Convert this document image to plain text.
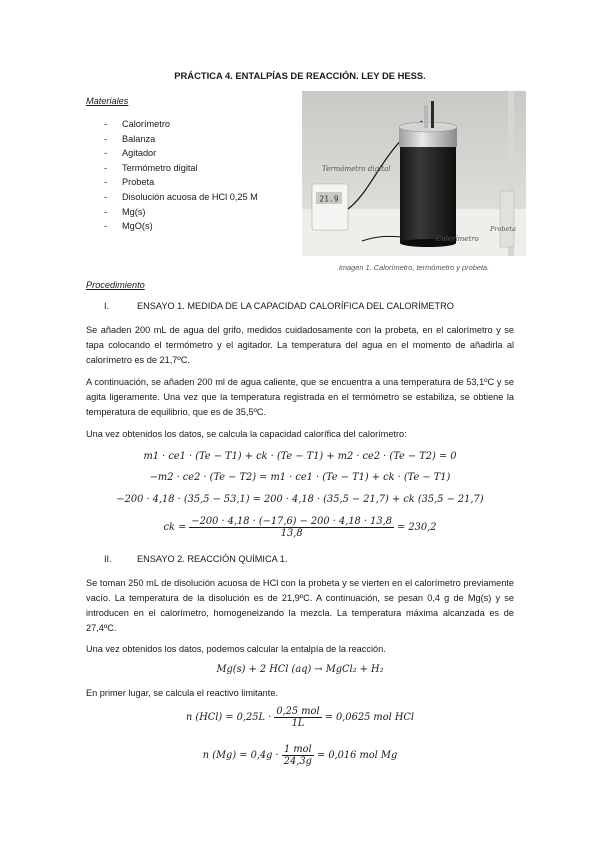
PRÁCTICA 4. ENTALPÍAS DE REACCIÓN. LEY DE HESS.
Materiales
- Calorímetro
- Balanza
- Agitador
- Termómetro digital
- Probeta
- Disolución acuosa de HCl 0,25 M
- Mg(s)
- MgO(s)
21.9
Termómetro digital
Calorímetro
Probeta
Imagen 1. Calorímetro, termómetro y probeta.
Procedimiento
I.	ENSAYO 1. MEDIDA DE LA CAPACIDAD CALORÍFICA DEL CALORÍMETRO
Se añaden 200 mL de agua del grifo, medidos cuidadosamente con la probeta, en el calorímetro y se tapa colocando el termómetro y el agitador. La temperatura del agua en el momento de añadirla al calorímetro es de 21,7ºC.
A continuación, se añaden 200 ml de agua caliente, que se encuentra a una temperatura de 53,1ºC y se agita ligeramente. Una vez que la temperatura registrada en el termómetro se estabiliza, se obtiene la temperatura de equilibrio, que es de 35,5ºC.
Una vez obtenidos los datos, se calcula la capacidad calorífica del calorímetro:
m1 · ce1 · (Te − T1) + ck · (Te − T1) + m2 · ce2 · (Te − T2) = 0
−m2 · ce2 · (Te − T2) = m1 · ce1 · (Te − T1) + ck · (Te − T1)
−200 · 4,18 · (35,5 − 53,1) = 200 · 4,18 · (35,5 − 21,7) + ck (35,5 − 21,7)
ck = $\frac{-200 \cdot 4,18 \cdot (-17,6) - 200 \cdot 4,18 \cdot 13,8}{13,8} = 230,2$
II.	ENSAYO 2. REACCIÓN QUÍMICA 1.
Se toman 250 mL de disolución acuosa de HCl con la probeta y se vierten en el calorímetro previamente vacío. La temperatura de la disolución es de 21,9ºC. A continuación, se pesan 0,4 g de Mg(s) y se introducen en el calorímetro, homogeneizando la mezcla. La temperatura máxima alcanzada es de 27,4ºC.
Una vez obtenidos los datos, podemos calcular la entalpía de la reacción.
Mg(s) + 2 HCl (aq) → MgCl₂ + H₂
En primer lugar, se calcula el reactivo limitante.
n $(HCl) = 0,25L \cdot \frac{\text{0,25 mol}}{1L} = 0,0625$ mol HCl
n $(Mg) = 0,4g \cdot \frac{\text{1 mol}}{24,3g} = 0,016$ mol Mg
